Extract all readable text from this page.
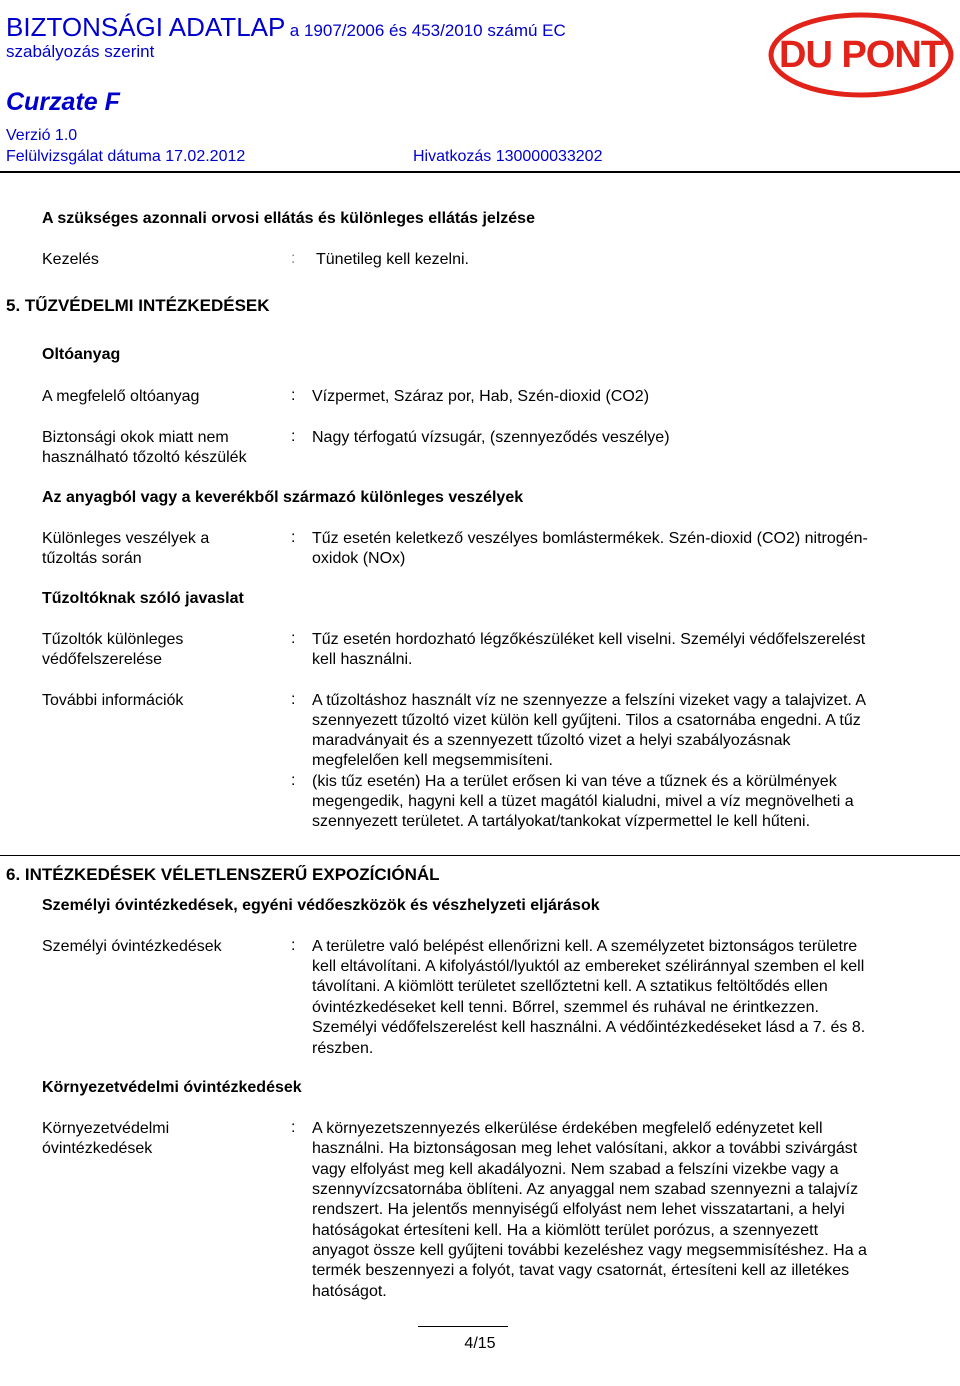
BIZTONSÁGI ADATLAP a 1907/2006 és 453/2010 számú EC
szabályozás szerint
Curzate F
Verzió 1.0
Felülvizsgálat dátuma 17.02.2012	Hivatkozás 130000033202
DU PONT
A szükséges azonnali orvosi ellátás és különleges ellátás jelzése
Kezelés	: Tünetileg kell kezelni.
5. TŰZVÉDELMI INTÉZKEDÉSEK
Oltóanyag
A megfelelő oltóanyag	: Vízpermet, Száraz por, Hab, Szén-dioxid (CO2)
Biztonsági okok miatt nem
használható tőzoltó készülék
: Nagy térfogatú vízsugár, (szennyeződés veszélye)
Az anyagból vagy a keverékből származó különleges veszélyek
Különleges veszélyek a
tűzoltás során
: Tűz esetén keletkező veszélyes bomlástermékek. Szén-dioxid (CO2) nitrogén-
oxidok (NOx)
Tűzoltóknak szóló javaslat
Tűzoltók különleges
védőfelszerelése
: Tűz esetén hordozható légzőkészüléket kell viselni. Személyi védőfelszerelést
kell használni.
További információk	: A tűzoltáshoz használt víz ne szennyezze a felszíni vizeket vagy a talajvizet. A
szennyezett tűzoltó vizet külön kell gyűjteni. Tilos a csatornába engedni. A tűz
maradványait és a szennyezett tűzoltó vizet a helyi szabályozásnak
megfelelően kell megsemmisíteni.
: (kis tűz esetén) Ha a terület erősen ki van téve a tűznek és a körülmények
megengedik, hagyni kell a tüzet magától kialudni, mivel a víz megnövelheti a
szennyezett területet. A tartályokat/tankokat vízpermettel le kell hűteni.
6. INTÉZKEDÉSEK VÉLETLENSZERŰ EXPOZÍCIÓNÁL
Személyi óvintézkedések, egyéni védőeszközök és vészhelyzeti eljárások
Személyi óvintézkedések	: A területre való belépést ellenőrizni kell. A személyzetet biztonságos területre
kell eltávolítani. A kifolyástól/lyuktól az embereket széliránnyal szemben el kell
távolítani. A kiömlött területet szellőztetni kell. A sztatikus feltöltődés ellen
óvintézkedéseket kell tenni. Bőrrel, szemmel és ruhával ne érintkezzen.
Személyi védőfelszerelést kell használni. A védőintézkedéseket lásd a 7. és 8.
részben.
Környezetvédelmi óvintézkedések
Környezetvédelmi
óvintézkedések
: A környezetszennyezés elkerülése érdekében megfelelő edényzetet kell
használni. Ha biztonságosan meg lehet valósítani, akkor a további szivárgást
vagy elfolyást meg kell akadályozni. Nem szabad a felszíni vizekbe vagy a
szennyvízcsatornába öblíteni. Az anyaggal nem szabad szennyezni a talajvíz
rendszert. Ha jelentős mennyiségű elfolyást nem lehet visszatartani, a helyi
hatóságokat értesíteni kell. Ha a kiömlött terület porózus, a szennyezett
anyagot össze kell gyűjteni további kezeléshez vagy megsemmisítéshez. Ha a
termék beszennyezi a folyót, tavat vagy csatornát, értesíteni kell az illetékes
hatóságot.
4/15
